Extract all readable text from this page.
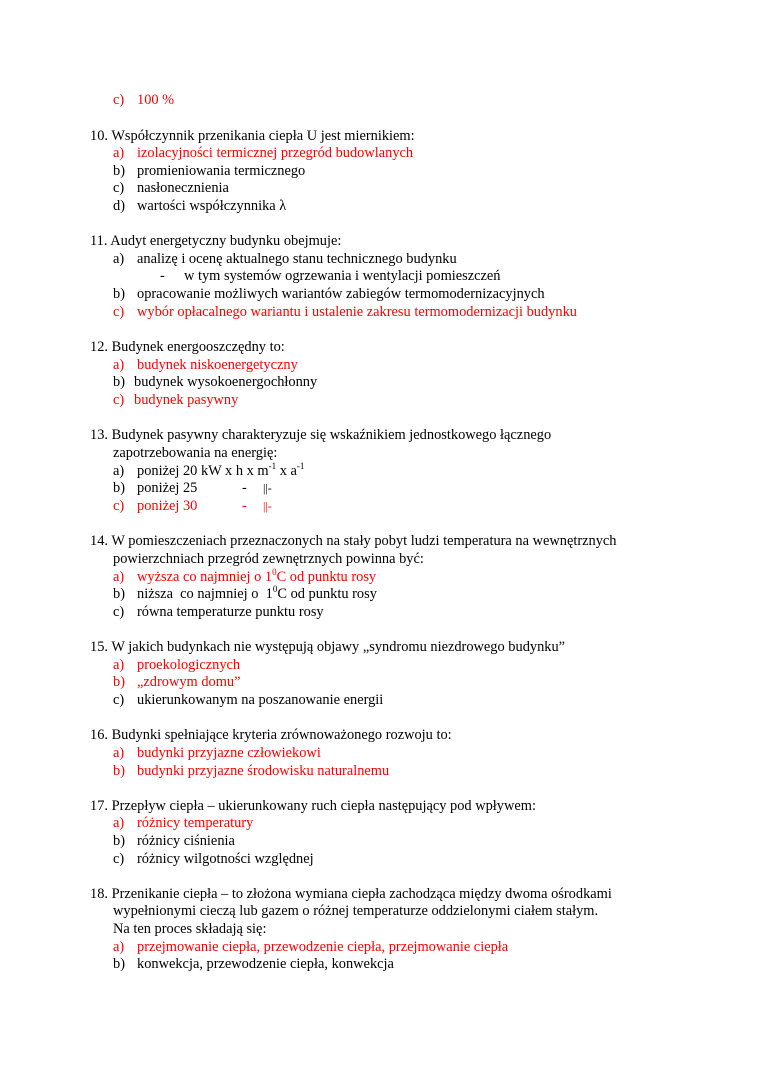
c) 100 %
10. Współczynnik przenikania ciepła U jest miernikiem:
a) izolacyjności termicznej przegród budowlanych
b) promieniowania termicznego
c) nasłonecznienia
d) wartości współczynnika λ
11. Audyt energetyczny budynku obejmuje:
a) analizę i ocenę aktualnego stanu technicznego budynku
- w tym systemów ogrzewania i wentylacji pomieszczeń
b) opracowanie możliwych wariantów zabiegów termomodernizacyjnych
c) wybór opłacalnego wariantu i ustalenie zakresu termomodernizacji budynku
12. Budynek energooszczędny to:
a) budynek niskoenergetyczny
b) budynek wysokoenergochłonny
c) budynek pasywny
13. Budynek pasywny charakteryzuje się wskaźnikiem jednostkowego łącznego
zapotrzebowania na energię:
a) poniżej 20 kW x h x $m^{-1}$ x $a^{-1}$
b) poniżej 25	- ||-
c) poniżej 30	- ||-
14. W pomieszczeniach przeznaczonych na stały pobyt ludzi temperatura na wewnętrznych
powierzchniach przegród zewnętrznych powinna być:
a) wyższa co najmniej o $1^0C$ od punktu rosy
b) niższa  co najmniej o  $1^0C$ od punktu rosy
c) równa temperaturze punktu rosy
15. W jakich budynkach nie występują objawy „syndromu niezdrowego budynku”
a) proekologicznych
b) „zdrowym domu”
c) ukierunkowanym na poszanowanie energii
16. Budynki spełniające kryteria zrównoważonego rozwoju to:
a) budynki przyjazne człowiekowi
b) budynki przyjazne środowisku naturalnemu
17. Przepływ ciepła – ukierunkowany ruch ciepła następujący pod wpływem:
a) różnicy temperatury
b) różnicy ciśnienia
c) różnicy wilgotności względnej
18. Przenikanie ciepła – to złożona wymiana ciepła zachodząca między dwoma ośrodkami
wypełnionymi cieczą lub gazem o różnej temperaturze oddzielonymi ciałem stałym.
Na ten proces składają się:
a) przejmowanie ciepła, przewodzenie ciepła, przejmowanie ciepła
b) konwekcja, przewodzenie ciepła, konwekcja
